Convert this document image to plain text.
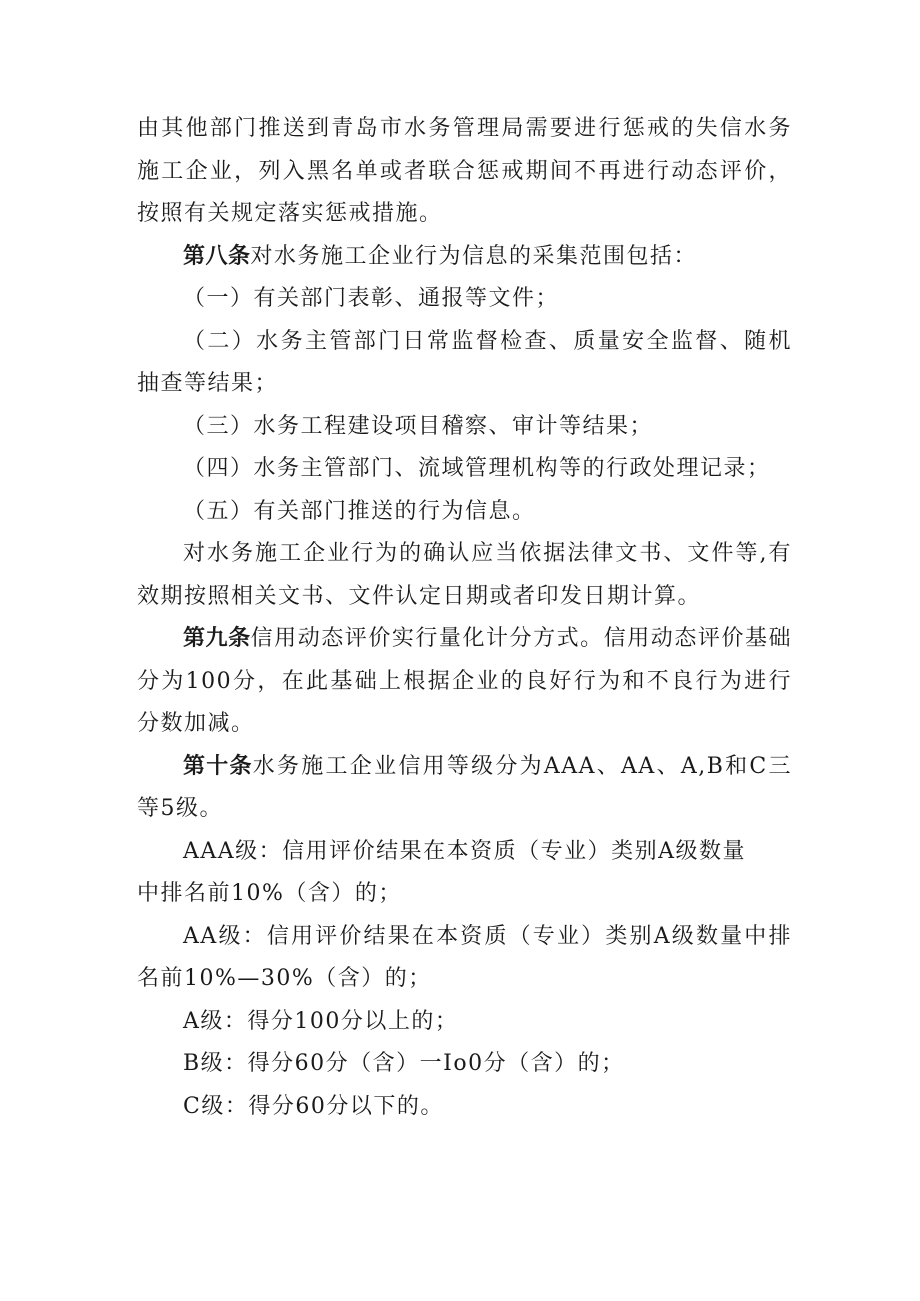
由其他部门推送到青岛市水务管理局需要进行惩戒的失信水务施工企业，列入黑名单或者联合惩戒期间不再进行动态评价，按照有关规定落实惩戒措施。

第八条对水务施工企业行为信息的采集范围包括：

（一）有关部门表彰、通报等文件；

（二）水务主管部门日常监督检查、质量安全监督、随机抽查等结果；

（三）水务工程建设项目稽察、审计等结果；

（四）水务主管部门、流域管理机构等的行政处理记录；

（五）有关部门推送的行为信息。

对水务施工企业行为的确认应当依据法律文书、文件等,有效期按照相关文书、文件认定日期或者印发日期计算。

第九条信用动态评价实行量化计分方式。信用动态评价基础分为100分，在此基础上根据企业的良好行为和不良行为进行分数加减。

第十条水务施工企业信用等级分为AAA、AA、A,B和C三等5级。

AAA级：信用评价结果在本资质（专业）类别A级数量

中排名前10%（含）的；

AA级：信用评价结果在本资质（专业）类别A级数量中排名前10%—30%（含）的；

A级：得分100分以上的；

B级：得分60分（含）一Io0分（含）的；

C级：得分60分以下的。
